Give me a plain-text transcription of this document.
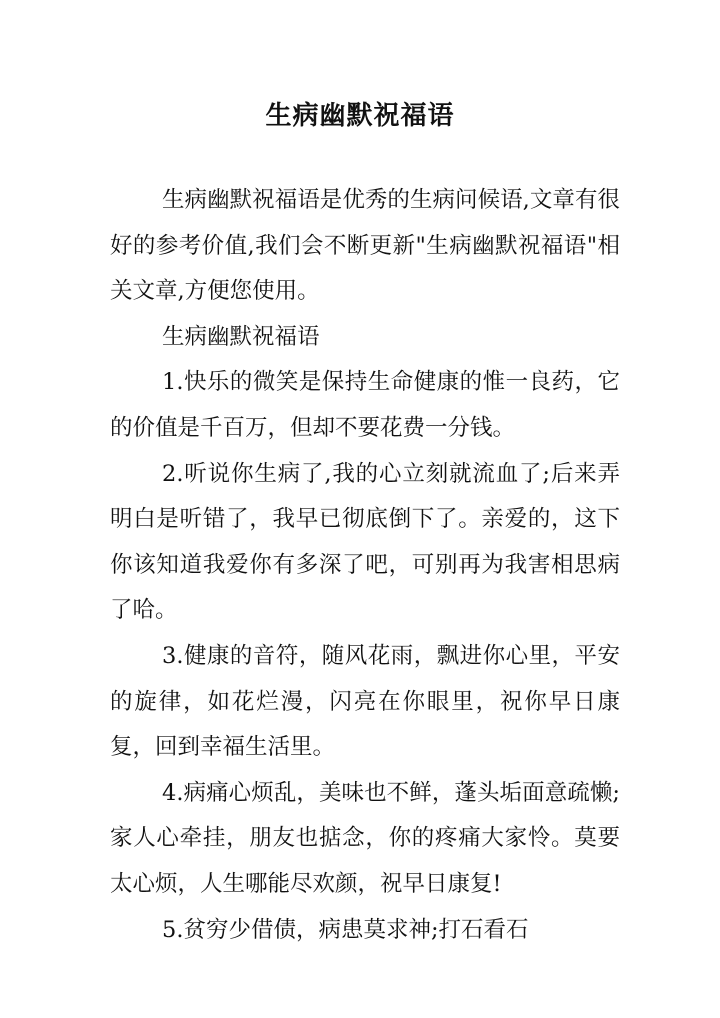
生病幽默祝福语

生病幽默祝福语是优秀的生病问候语,文章有很好的参考价值,我们会不断更新"生病幽默祝福语"相关文章,方便您使用。

生病幽默祝福语

1.快乐的微笑是保持生命健康的惟一良药，它的价值是千百万，但却不要花费一分钱。

2.听说你生病了,我的心立刻就流血了;后来弄明白是听错了，我早已彻底倒下了。亲爱的，这下你该知道我爱你有多深了吧，可别再为我害相思病了哈。

3.健康的音符，随风花雨，飘进你心里，平安的旋律，如花烂漫，闪亮在你眼里，祝你早日康复，回到幸福生活里。

4.病痛心烦乱，美味也不鲜，蓬头垢面意疏懒;家人心牵挂，朋友也掂念，你的疼痛大家怜。莫要太心烦，人生哪能尽欢颜，祝早日康复!

5.贫穷少借债，病患莫求神;打石看石
